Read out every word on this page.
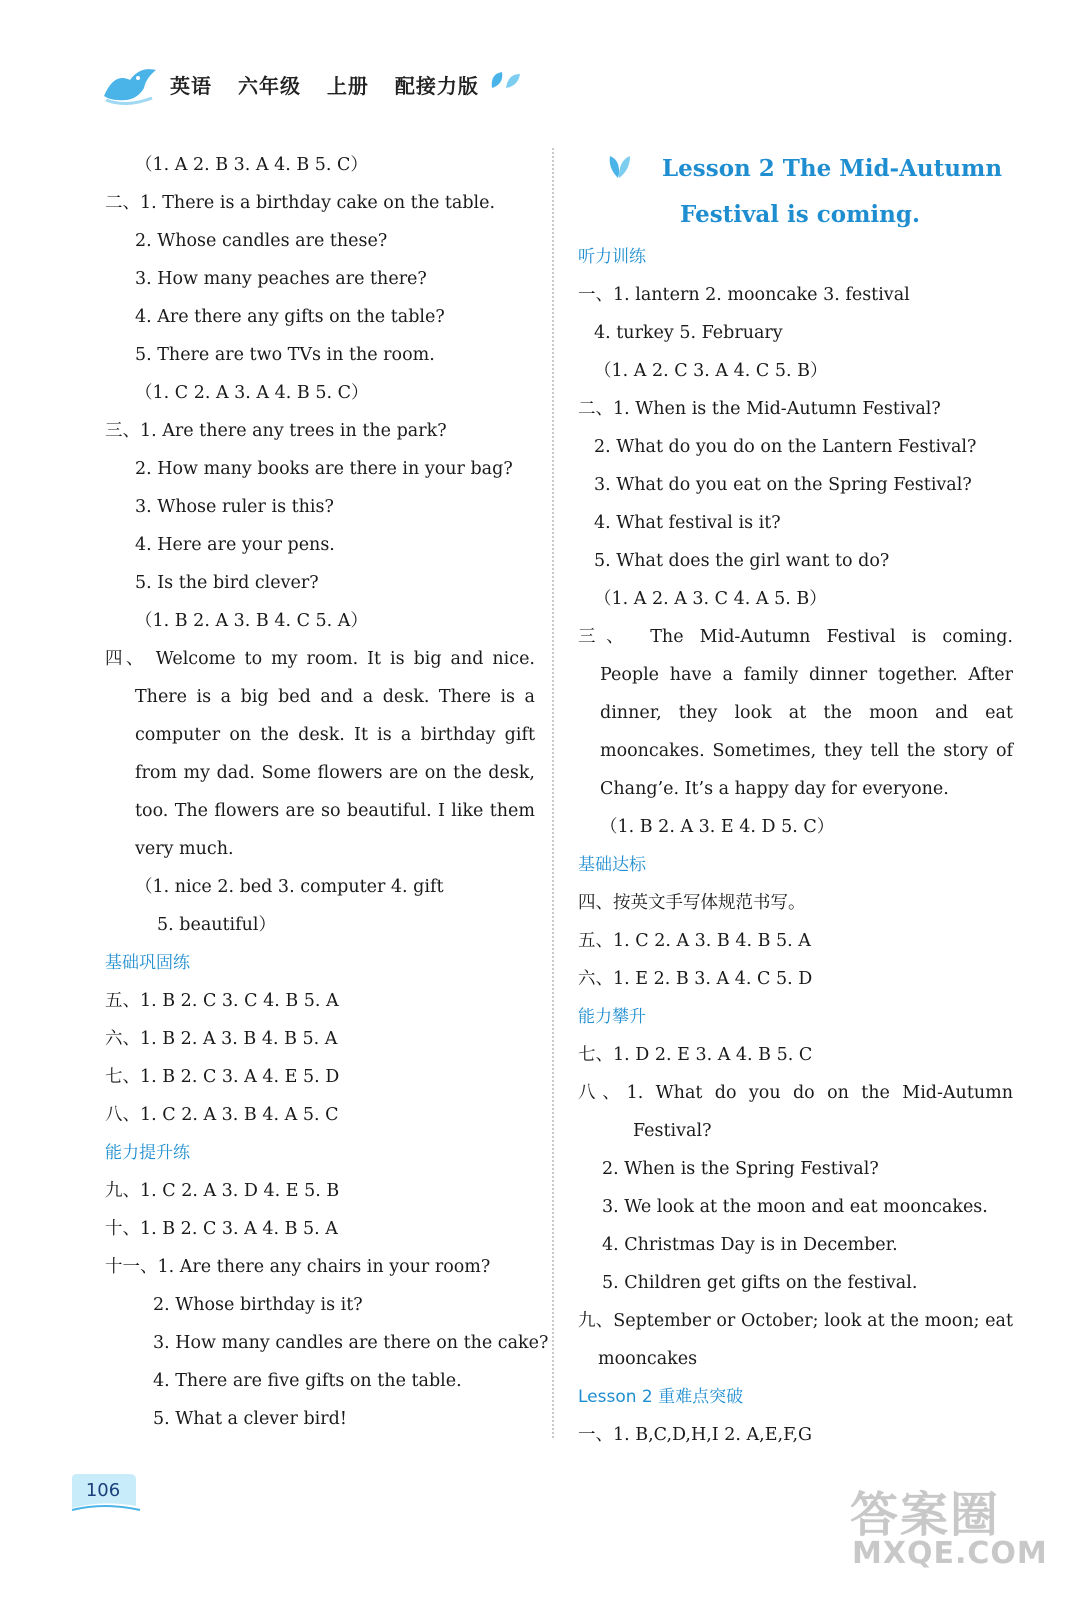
英语 六年级 上册 配接力版
（1. A 2. B 3. A 4. B 5. C）
二、1. There is a birthday cake on the table.
2. Whose candles are these?
3. How many peaches are there?
4. Are there any gifts on the table?
5. There are two TVs in the room.
（1. C 2. A 3. A 4. B 5. C）
三、1. Are there any trees in the park?
2. How many books are there in your bag?
3. Whose ruler is this?
4. Here are your pens.
5. Is the bird clever?
（1. B 2. A 3. B 4. C 5. A）
四、 Welcome to my room. It is big and nice.
There is a big bed and a desk. There is a
computer on the desk. It is a birthday gift
from my dad. Some flowers are on the desk,
too. The flowers are so beautiful. I like them
very much.
（1. nice 2. bed 3. computer 4. gift
5. beautiful）
基础巩固练
五、1. B 2. C 3. C 4. B 5. A
六、1. B 2. A 3. B 4. B 5. A
七、1. B 2. C 3. A 4. E 5. D
八、1. C 2. A 3. B 4. A 5. C
能力提升练
九、1. C 2. A 3. D 4. E 5. B
十、1. B 2. C 3. A 4. B 5. A
十一、1. Are there any chairs in your room?
2. Whose birthday is it?
3. How many candles are there on the cake?
4. There are five gifts on the table.
5. What a clever bird!
Lesson 2 The Mid-Autumn
Festival is coming.
听力训练
一、1. lantern 2. mooncake 3. festival
4. turkey 5. February
（1. A 2. C 3. A 4. C 5. B）
二、1. When is the Mid-Autumn Festival?
2. What do you do on the Lantern Festival?
3. What do you eat on the Spring Festival?
4. What festival is it?
5. What does the girl want to do?
（1. A 2. A 3. C 4. A 5. B）
三、 The Mid-Autumn Festival is coming.
People have a family dinner together. After
dinner, they look at the moon and eat
mooncakes. Sometimes, they tell the story of
Chang’e. It’s a happy day for everyone.
（1. B 2. A 3. E 4. D 5. C）
基础达标
四、按英文手写体规范书写。
五、1. C 2. A 3. B 4. B 5. A
六、1. E 2. B 3. A 4. C 5. D
能力攀升
七、1. D 2. E 3. A 4. B 5. C
八、1. What do you do on the Mid-Autumn
Festival?
2. When is the Spring Festival?
3. We look at the moon and eat mooncakes.
4. Christmas Day is in December.
5. Children get gifts on the festival.
九、September or October; look at the moon; eat
mooncakes
Lesson 2 重难点突破
一、1. B,C,D,H,I 2. A,E,F,G
106	答案圈
MXQE.COM
